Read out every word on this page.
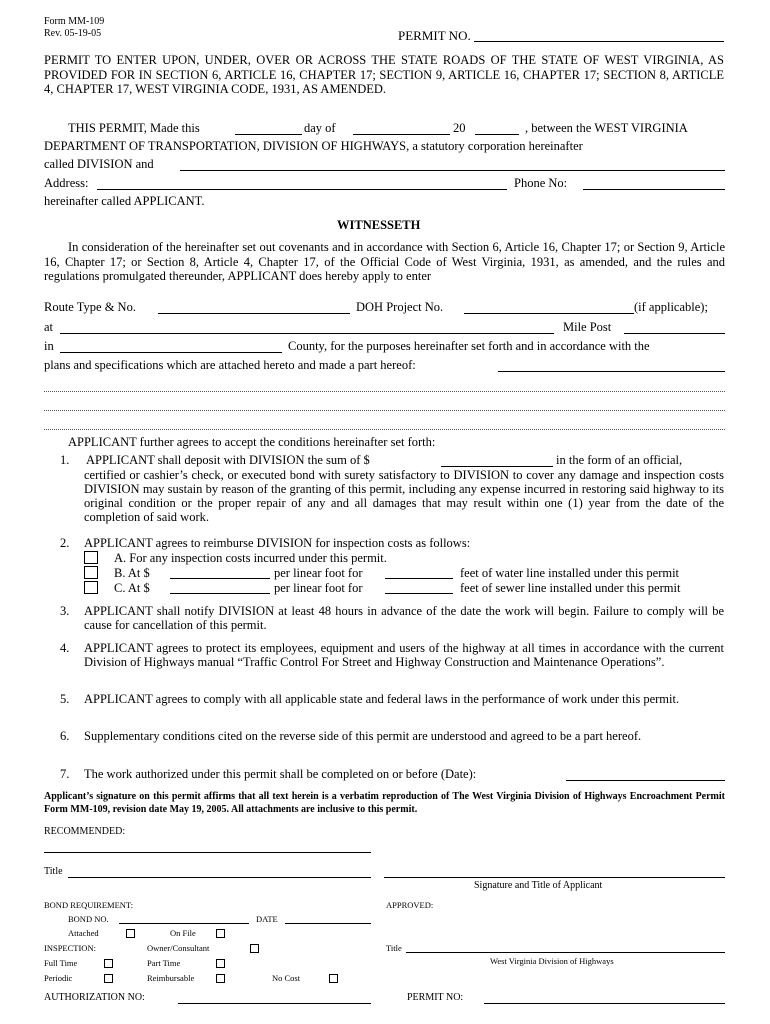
Form MM-109
Rev. 05-19-05	PERMIT NO.
PERMIT TO ENTER UPON, UNDER, OVER OR ACROSS THE STATE ROADS OF THE STATE OF WEST VIRGINIA, AS PROVIDED FOR IN SECTION 6, ARTICLE 16, CHAPTER 17; SECTION 9, ARTICLE 16, CHAPTER 17; SECTION 8, ARTICLE 4, CHAPTER 17, WEST VIRGINIA CODE, 1931, AS AMENDED.
THIS PERMIT, Made this	day of	20	, between the WEST VIRGINIA
DEPARTMENT OF TRANSPORTATION, DIVISION OF HIGHWAYS, a statutory corporation hereinafter
called DIVISION and
Address:	Phone No:
hereinafter called APPLICANT.
WITNESSETH
In consideration of the hereinafter set out covenants and in accordance with Section 6, Article 16, Chapter 17; or Section 9, Article 16, Chapter 17; or Section 8, Article 4, Chapter 17, of the Official Code of West Virginia, 1931, as amended, and the rules and regulations promulgated thereunder, APPLICANT does hereby apply to enter
Route Type & No.	DOH Project No.	(if applicable);
at	Mile Post
in	County, for the purposes hereinafter set forth and in accordance with the
plans and specifications which are attached hereto and made a part hereof:
APPLICANT further agrees to accept the conditions hereinafter set forth:
1. APPLICANT shall deposit with DIVISION the sum of $	in the form of an official,
certified or cashier’s check, or executed bond with surety satisfactory to DIVISION to cover any damage and inspection costs DIVISION may sustain by reason of the granting of this permit, including any expense incurred in restoring said highway to its original condition or the proper repair of any and all damages that may result within one (1) year from the date of the completion of said work.
2. APPLICANT agrees to reimburse DIVISION for inspection costs as follows:
A. For any inspection costs incurred under this permit.
B. At $	per linear foot for	feet of water line installed under this permit
C. At $	per linear foot for	feet of sewer line installed under this permit
3. APPLICANT shall notify DIVISION at least 48 hours in advance of the date the work will begin. Failure to comply will be cause for cancellation of this permit.
4. APPLICANT agrees to protect its employees, equipment and users of the highway at all times in accordance with the current Division of Highways manual “Traffic Control For Street and Highway Construction and Maintenance Operations”.
5. APPLICANT agrees to comply with all applicable state and federal laws in the performance of work under this permit.
6. Supplementary conditions cited on the reverse side of this permit are understood and agreed to be a part hereof.
7. The work authorized under this permit shall be completed on or before (Date):
Applicant’s signature on this permit affirms that all text herein is a verbatim reproduction of The West Virginia Division of Highways Encroachment Permit Form MM-109, revision date May 19, 2005. All attachments are inclusive to this permit.
RECOMMENDED:
Title
Signature and Title of Applicant
BOND REQUIREMENT:	APPROVED:
BOND NO.	DATE
Attached	On File
INSPECTION:	Owner/Consultant	Title
West Virginia Division of Highways
Full Time	Part Time
Periodic	Reimbursable	No Cost
AUTHORIZATION NO:	PERMIT NO:
